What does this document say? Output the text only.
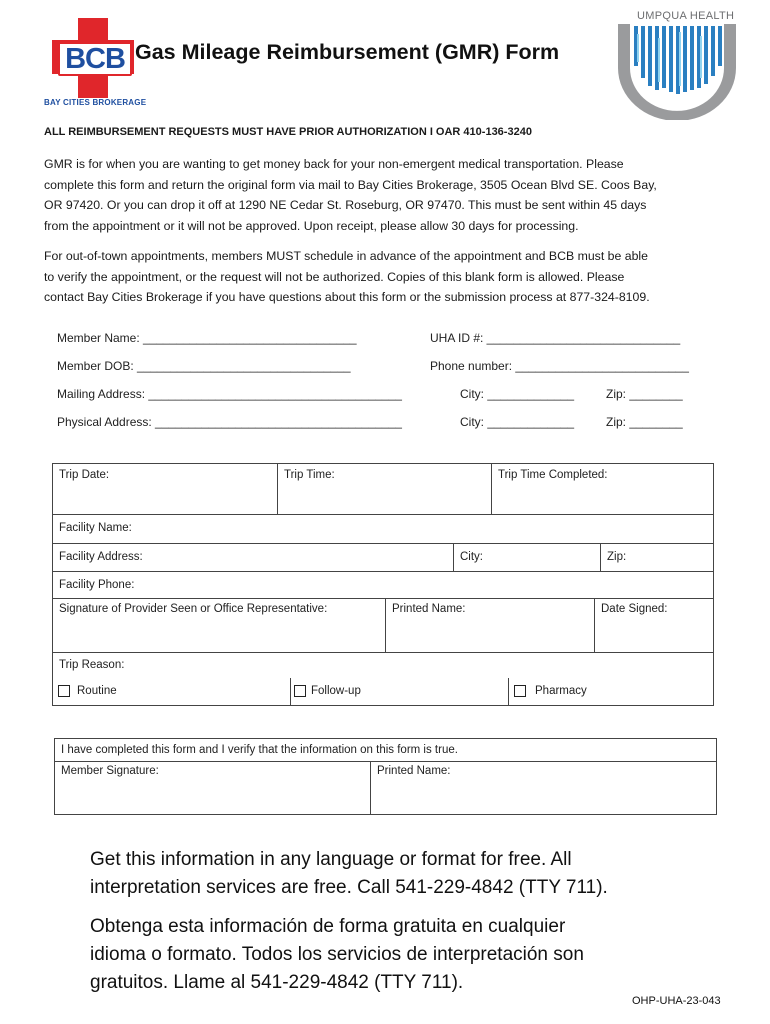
BCB
BAY CITIES BROKERAGE
Gas Mileage Reimbursement (GMR) Form
UMPQUA HEALTH
ALL REIMBURSEMENT REQUESTS MUST HAVE PRIOR AUTHORIZATION I OAR 410-136-3240
GMR is for when you are wanting to get money back for your non-emergent medical transportation. Please
complete this form and return the original form via mail to Bay Cities Brokerage, 3505 Ocean Blvd SE. Coos Bay,
OR 97420. Or you can drop it off at 1290 NE Cedar St. Roseburg, OR 97470. This must be sent within 45 days
from the appointment or it will not be approved. Upon receipt, please allow 30 days for processing.
For out-of-town appointments, members MUST schedule in advance of the appointment and BCB must be able
to verify the appointment, or the request will not be authorized. Copies of this blank form is allowed. Please
contact Bay Cities Brokerage if you have questions about this form or the submission process at 877-324-8109.
Member Name: ________________________________	UHA ID #: _____________________________
Member DOB: ________________________________	Phone number: __________________________
Mailing Address: ______________________________________	City: _____________	Zip: ________
Physical Address: _____________________________________	City: _____________	Zip: ________
Trip Date:	Trip Time:	Trip Time Completed:
Facility Name:
Facility Address:	City:	Zip:
Facility Phone:
Signature of Provider Seen or Office Representative:	Printed Name:	Date Signed:
Trip Reason:
Routine	Follow-up	Pharmacy
I have completed this form and I verify that the information on this form is true.
Member Signature:	Printed Name:
Get this information in any language or format for free. All
interpretation services are free. Call 541-229-4842 (TTY 711).
Obtenga esta información de forma gratuita en cualquier
idioma o formato. Todos los servicios de interpretación son
gratuitos. Llame al 541-229-4842 (TTY 711).
OHP-UHA-23-043
